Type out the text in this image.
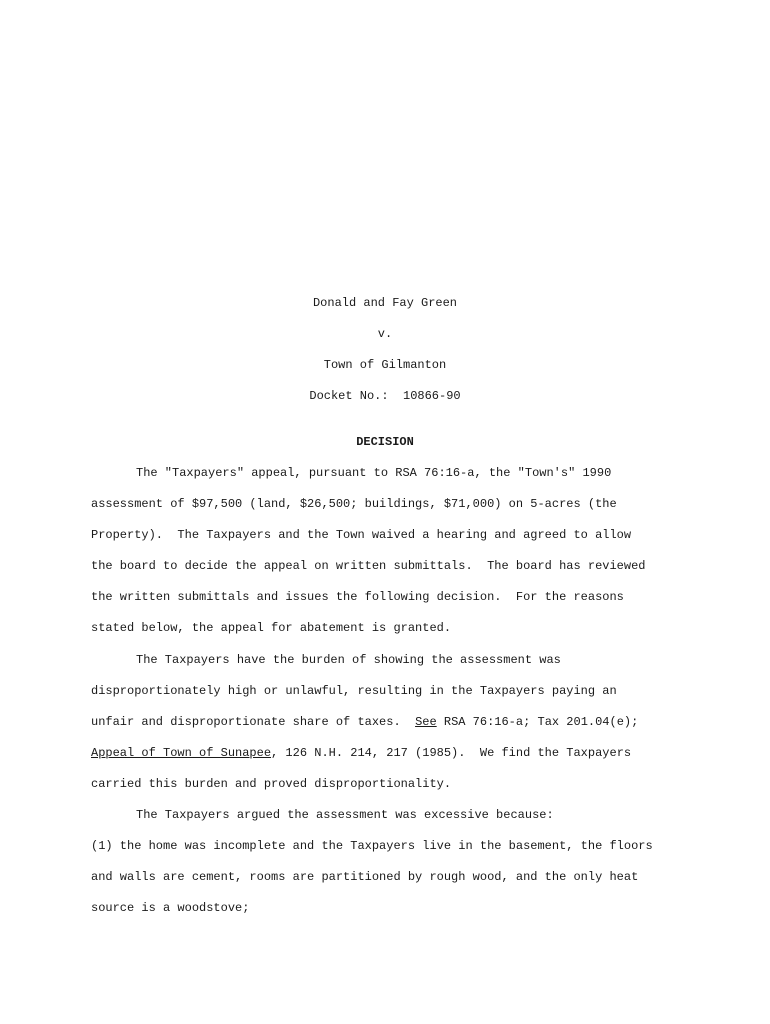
Donald and Fay Green
v.
Town of Gilmanton
Docket No.: 10866-90
DECISION
The "Taxpayers" appeal, pursuant to RSA 76:16-a, the "Town's" 1990
assessment of $97,500 (land, $26,500; buildings, $71,000) on 5-acres (the
Property).  The Taxpayers and the Town waived a hearing and agreed to allow
the board to decide the appeal on written submittals.  The board has reviewed
the written submittals and issues the following decision.  For the reasons
stated below, the appeal for abatement is granted.
The Taxpayers have the burden of showing the assessment was
disproportionately high or unlawful, resulting in the Taxpayers paying an
unfair and disproportionate share of taxes.  See RSA 76:16-a; Tax 201.04(e);
Appeal of Town of Sunapee, 126 N.H. 214, 217 (1985).  We find the Taxpayers
carried this burden and proved disproportionality.
The Taxpayers argued the assessment was excessive because:
(1) the home was incomplete and the Taxpayers live in the basement, the floors
and walls are cement, rooms are partitioned by rough wood, and the only heat
source is a woodstove;
